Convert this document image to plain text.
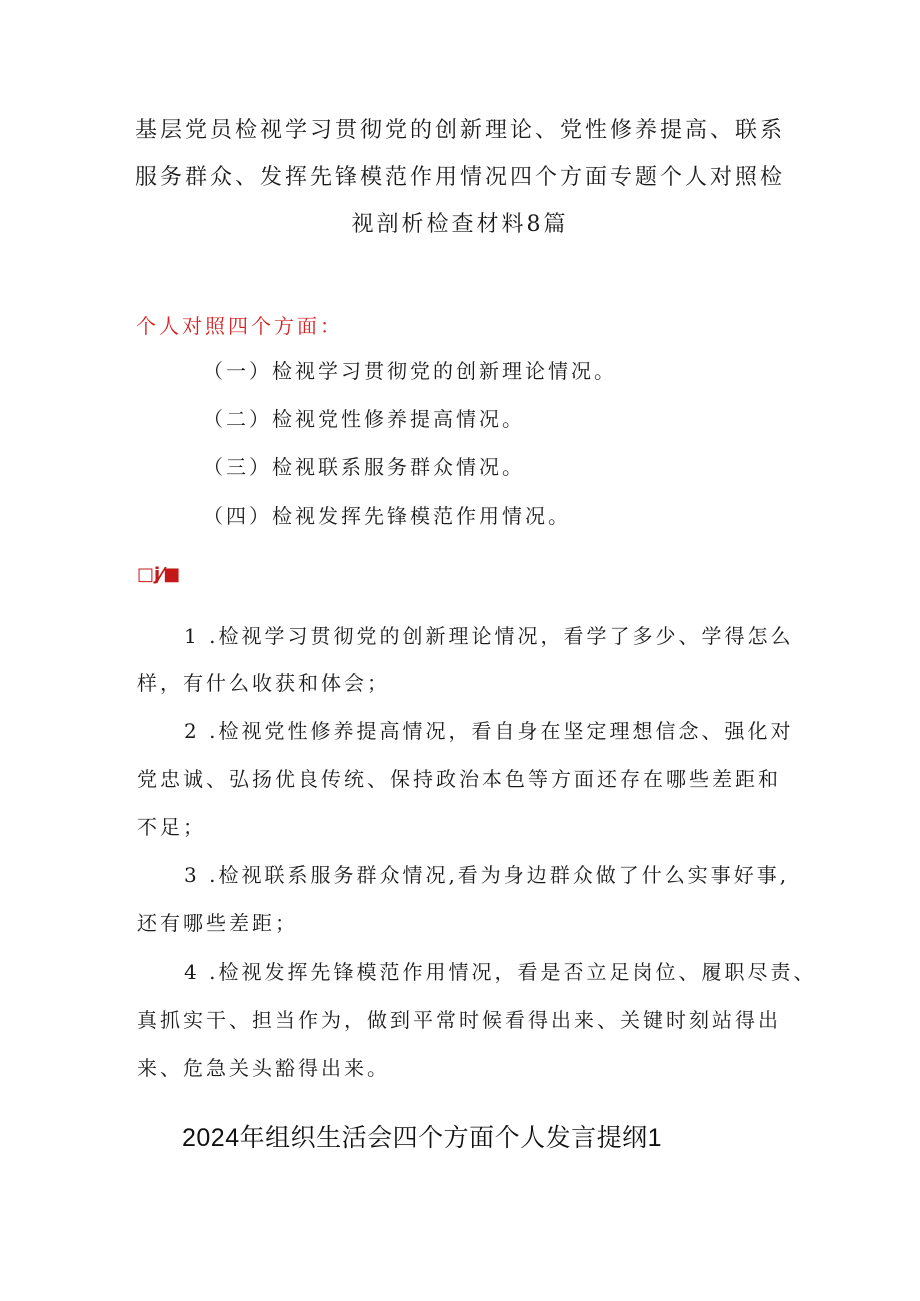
基层党员检视学习贯彻党的创新理论、党性修养提高、联系
服务群众、发挥先锋模范作用情况四个方面专题个人对照检
视剖析检查材料8篇
个人对照四个方面：
（一）检视学习贯彻党的创新理论情况。
（二）检视党性修养提高情况。
（三）检视联系服务群众情况。
（四）检视发挥先锋模范作用情况。
□j⁄■
1 .检视学习贯彻党的创新理论情况，看学了多少、学得怎么
样，有什么收获和体会；
2 .检视党性修养提高情况，看自身在坚定理想信念、强化对
党忠诚、弘扬优良传统、保持政治本色等方面还存在哪些差距和
不足；
3 .检视联系服务群众情况,看为身边群众做了什么实事好事,
还有哪些差距；
4 .检视发挥先锋模范作用情况，看是否立足岗位、履职尽责、
真抓实干、担当作为，做到平常时候看得出来、关键时刻站得出
来、危急关头豁得出来。
2024年组织生活会四个方面个人发言提纲1
